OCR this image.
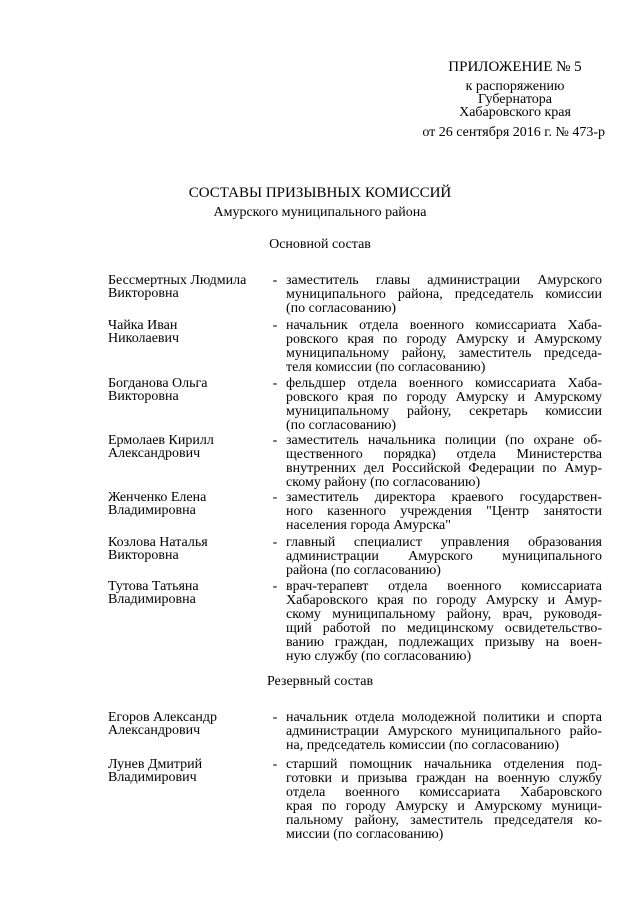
ПРИЛОЖЕНИЕ № 5
к распоряжению
Губернатора
Хабаровского края
от 26 сентября 2016 г. № 473-р
СОСТАВЫ ПРИЗЫВНЫХ КОМИССИЙ
Амурского муниципального района
Основной состав
Бессмертных Людмила
Викторовна
- заместитель главы администрации Амурского
муниципального района, председатель комиссии
(по согласованию)
Чайка Иван
Николаевич
- начальник отдела военного комиссариата Хаба-
ровского края по городу Амурску и Амурскому
муниципальному району, заместитель председа-
теля комиссии (по согласованию)
Богданова Ольга
Викторовна
- фельдшер отдела военного комиссариата Хаба-
ровского края по городу Амурску и Амурскому
муниципальному району, секретарь комиссии
(по согласованию)
Ермолаев Кирилл
Александрович
- заместитель начальника полиции (по охране об-
щественного порядка) отдела Министерства
внутренних дел Российской Федерации по Амур-
скому району (по согласованию)
Женченко Елена
Владимировна
- заместитель директора краевого государствен-
ного казенного учреждения "Центр занятости
населения города Амурска"
Козлова Наталья
Викторовна
- главный специалист управления образования
администрации Амурского муниципального
района (по согласованию)
Тутова Татьяна
Владимировна
- врач-терапевт отдела военного комиссариата
Хабаровского края по городу Амурску и Амур-
скому муниципальному району, врач, руководя-
щий работой по медицинскому освидетельство-
ванию граждан, подлежащих призыву на воен-
ную службу (по согласованию)
Резервный состав
Егоров Александр
Александрович
- начальник отдела молодежной политики и спорта
администрации Амурского муниципального райо-
на, председатель комиссии (по согласованию)
Лунев Дмитрий
Владимирович
- старший помощник начальника отделения под-
готовки и призыва граждан на военную службу
отдела военного комиссариата Хабаровского
края по городу Амурску и Амурскому муници-
пальному району, заместитель председателя ко-
миссии (по согласованию)
